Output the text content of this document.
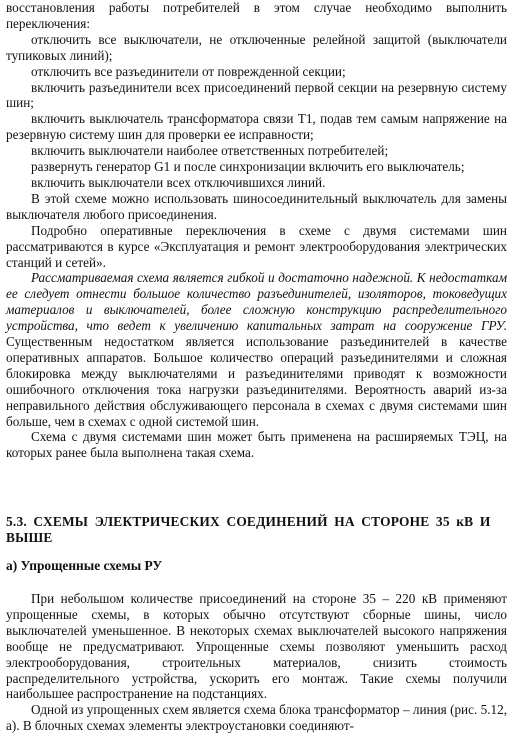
восстановления работы потребителей в этом случае необходимо выполнить переключения:

отключить все выключатели, не отключенные релейной защитой (выключатели тупиковых линий);

отключить все разъединители от поврежденной секции;

включить разъединители всех присоединений первой секции на резервную систему шин;

включить выключатель трансформатора связи T1, подав тем самым напряжение на резервную систему шин для проверки ее исправности;

включить выключатели наиболее ответственных потребителей;

развернуть генератор G1 и после синхронизации включить его выключатель;

включить выключатели всех отключившихся линий.

В этой схеме можно использовать шиносоединительный выключатель для замены выключателя любого присоединения.

Подробно оперативные переключения в схеме с двумя системами шин рассматриваются в курсе «Эксплуатация и ремонт электрооборудования электрических станций и сетей».

Рассматриваемая схема является гибкой и достаточно надежной. К недостаткам ее следует отнести большое количество разъединителей, изоляторов, токоведущих материалов и выключателей, более сложную конструкцию распределительного устройства, что ведет к увеличению капитальных затрат на сооружение ГРУ. Существенным недостатком является использование разъединителей в качестве оперативных аппаратов. Большое количество операций разъединителями и сложная блокировка между выключателями и разъединителями приводят к возможности ошибочного отключения тока нагрузки разъединителями. Вероятность аварий из-за неправильного действия обслуживающего персонала в схемах с двумя системами шин больше, чем в схемах с одной системой шин.

Схема с двумя системами шин может быть применена на расширяемых ТЭЦ, на которых ранее была выполнена такая схема.

5.3. СХЕМЫ ЭЛЕКТРИЧЕСКИХ СОЕДИНЕНИЙ НА СТОРОНЕ 35 кВ И ВЫШЕ
а) Упрощенные схемы РУ

При небольшом количестве присоединений на стороне 35 – 220 кВ применяют упрощенные схемы, в которых обычно отсутствуют сборные шины, число выключателей уменьшенное. В некоторых схемах выключателей высокого напряжения вообще не предусматривают. Упрощенные схемы позволяют уменьшить расход электрооборудования, строительных материалов, снизить стоимость распределительного устройства, ускорить его монтаж. Такие схемы получили наибольшее распространение на подстанциях.

Одной из упрощенных схем является схема блока трансформатор – линия (рис. 5.12, а). В блочных схемах элементы электроустановки соединяют-
